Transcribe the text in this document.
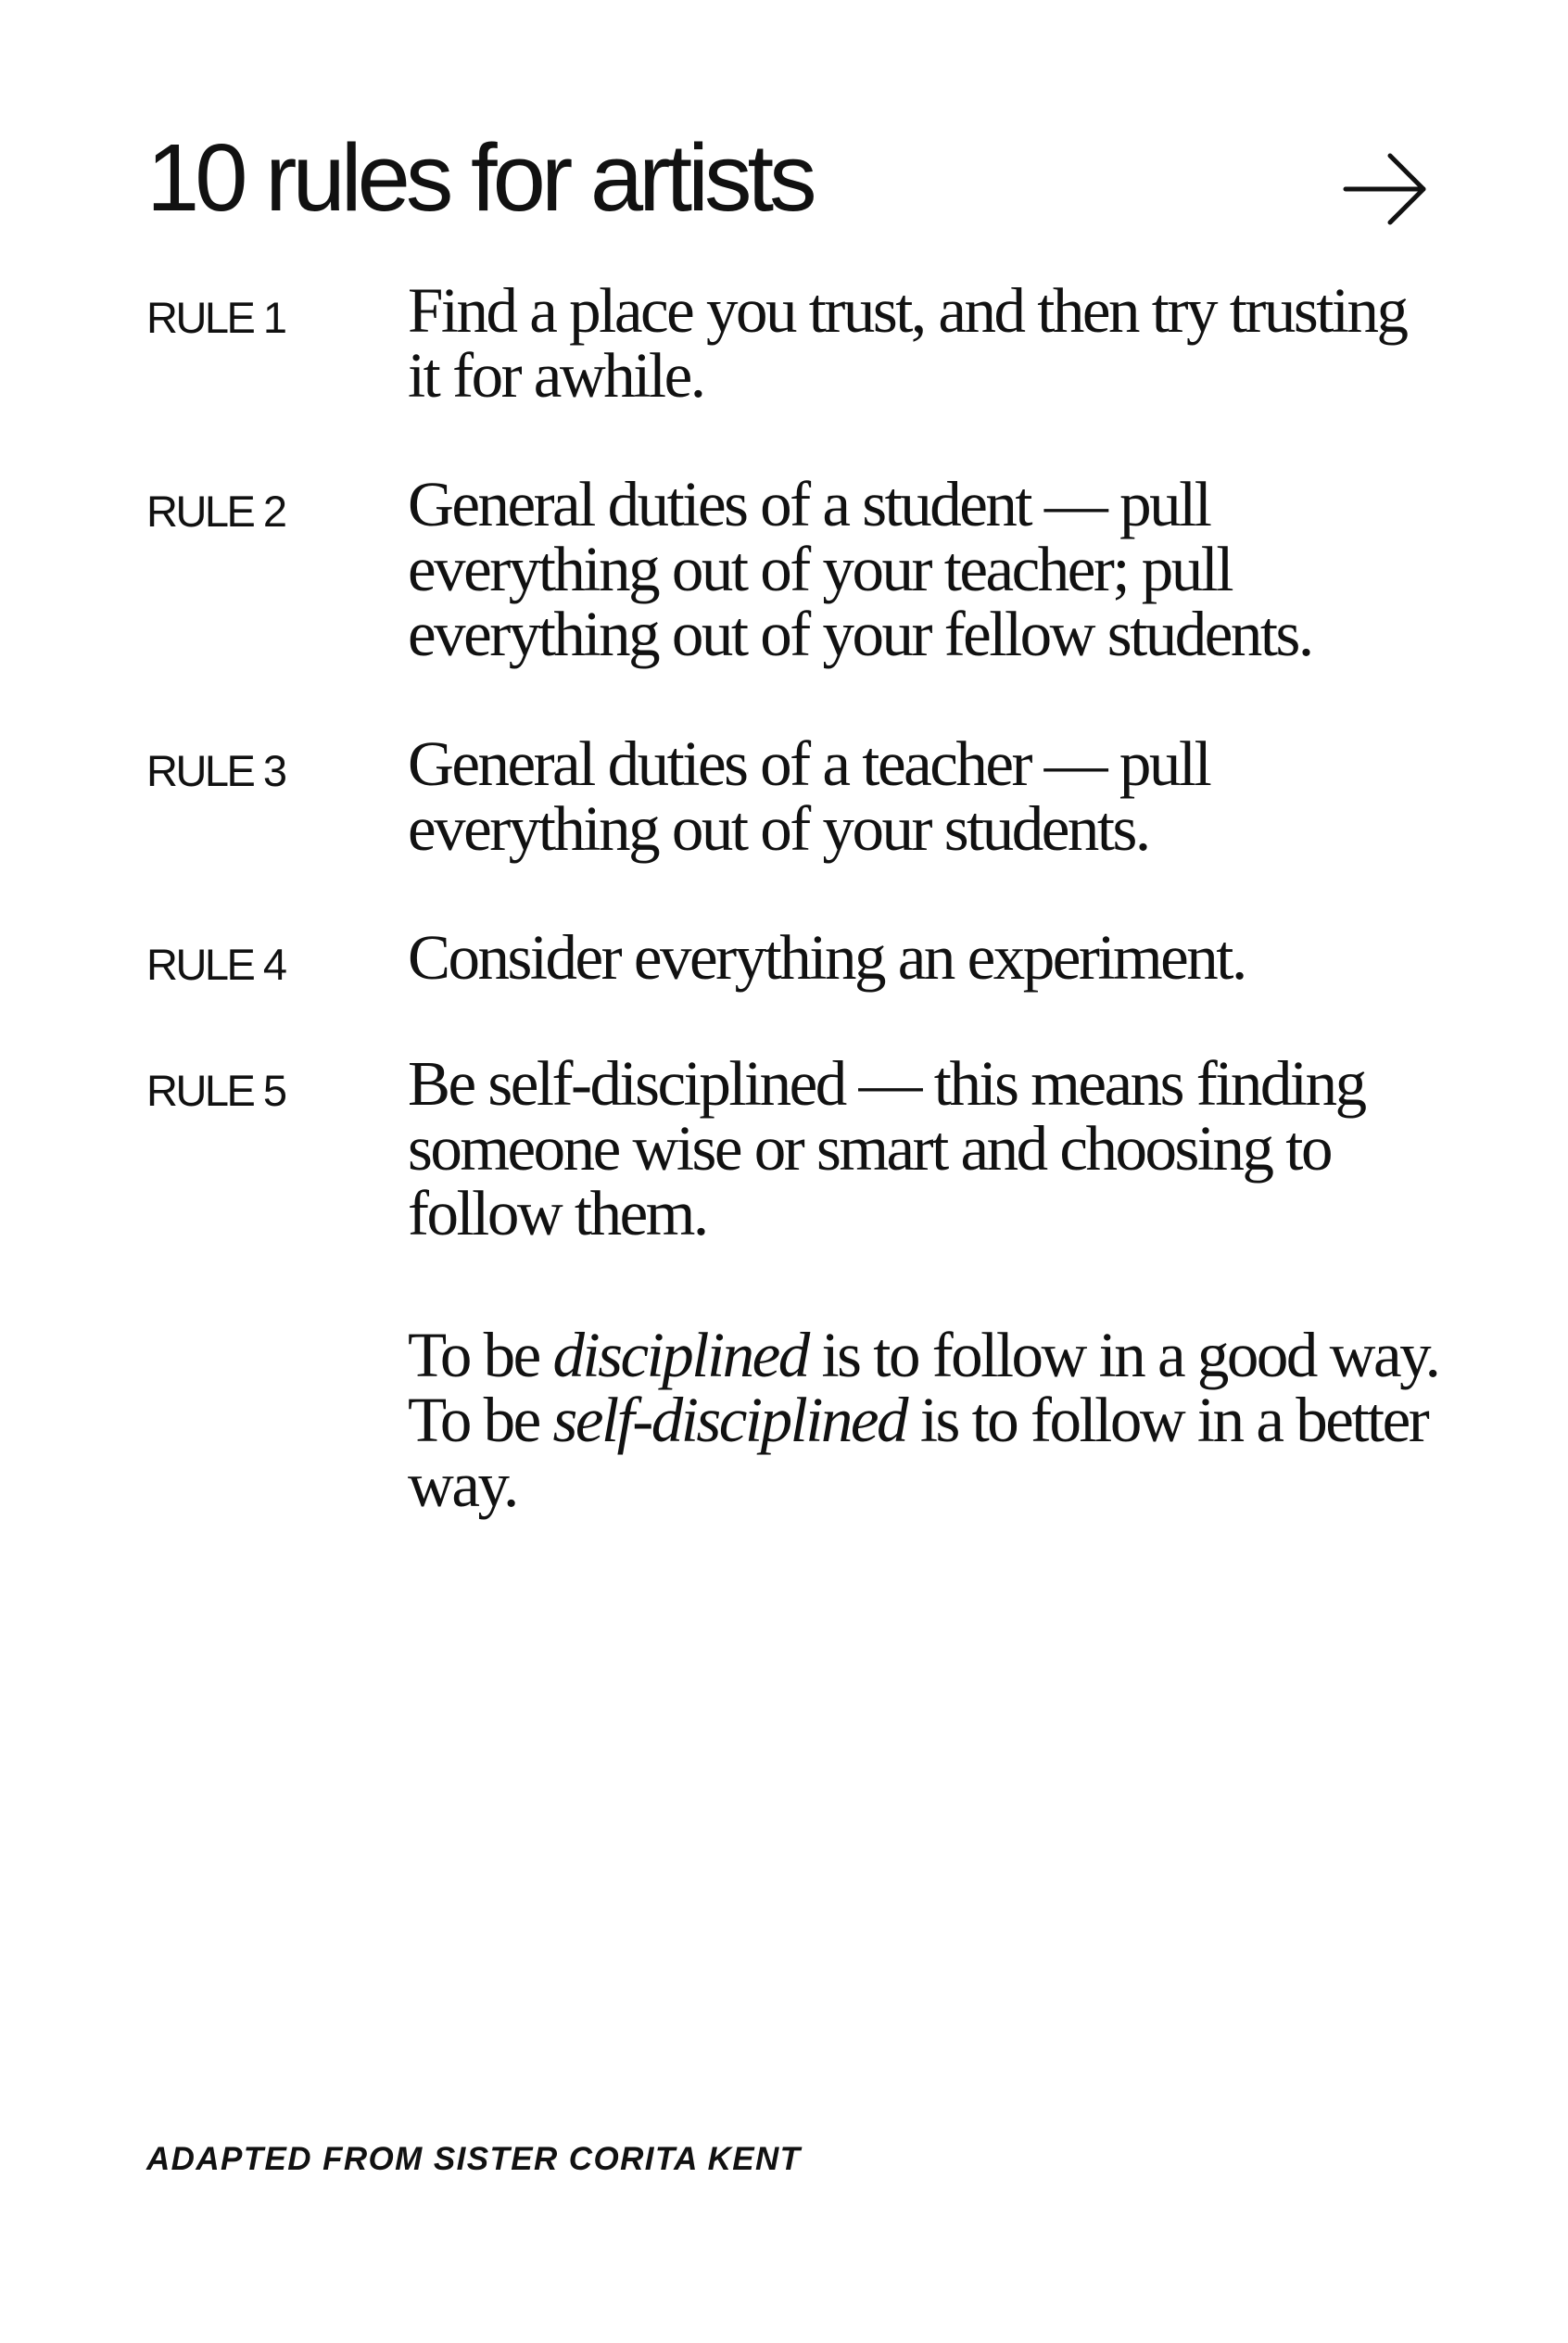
10 rules for artists
RULE 1	Find a place you trust, and then try trusting it for awhile.

RULE 2	General duties of a student — pull everything out of your teacher; pull everything out of your fellow students.

RULE 3	General duties of a teacher — pull everything out of your students.

RULE 4	Consider everything an experiment.

RULE 5	Be self-disciplined — this means finding someone wise or smart and choosing to follow them.

To be disciplined is to follow in a good way. To be self-disciplined is to follow in a better way.

ADAPTED FROM SISTER CORITA KENT
